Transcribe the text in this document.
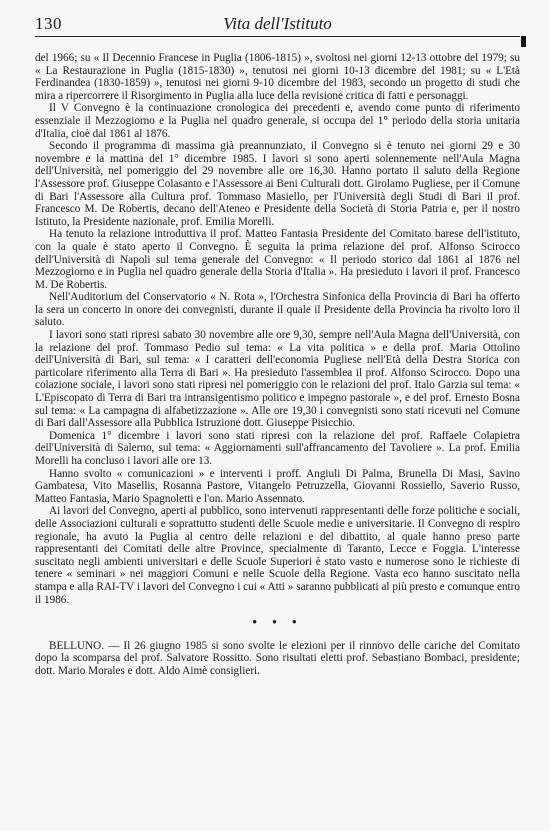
130	Vita dell'Istituto

del 1966; su « Il Decennio Francese in Puglia (1806-1815) », svoltosi nei giorni 12-13 ottobre del 1979; su « La Restaurazione in Puglia (1815-1830) », tenutosi nei giorni 10-13 dicembre del 1981; su « L'Età Ferdinandea (1830-1859) », tenutosi nei giorni 9-10 dicembre del 1983, secondo un progetto di studi che mira a ripercorrere il Risorgimento in Puglia alla luce della revisione critica di fatti e personaggi.

Il V Convegno è la continuazione cronologica dei precedenti e, avendo come punto di riferimento essenziale il Mezzogiorno e la Puglia nel quadro generale, si occupa del 1° periodo della storia unitaria d'Italia, cioè dal 1861 al 1876.

Secondo il programma di massima già preannunziato, il Convegno si è tenuto nei giorni 29 e 30 novembre e la mattina del 1° dicembre 1985. I lavori si sono aperti solennemente nell'Aula Magna dell'Università, nel pomeriggio del 29 novembre alle ore 16,30. Hanno portato il saluto della Regione l'Assessore prof. Giuseppe Colasanto e l'Assessore ai Beni Culturali dott. Girolamo Pugliese, per il Comune di Bari l'Assessore alla Cultura prof. Tommaso Masiello, per l'Università degli Studi di Bari il prof. Francesco M. De Robertis, decano dell'Ateneo e Presidente della Società di Storia Patria e, per il nostro Istituto, la Presidente nazionale, prof. Emilia Morelli.

Ha tenuto la relazione introduttiva il prof. Matteo Fantasia Presidente del Comitato barese dell'istituto, con la quale è stato aperto il Convegno. È seguita la prima relazione del prof. Alfonso Scirocco dell'Università di Napoli sul tema generale del Convegno: « Il periodo storico dal 1861 al 1876 nel Mezzogiorno e in Puglia nel quadro generale della Storia d'Italia ». Ha presieduto i lavori il prof. Francesco M. De Robertis.

Nell'Auditorium del Conservatorio « N. Rota », l'Orchestra Sinfonica della Provincia di Bari ha offerto la sera un concerto in onore dei convegnisti, durante il quale il Presidente della Provincia ha rivolto loro il saluto.

I lavori sono stati ripresi sabato 30 novembre alle ore 9,30, sempre nell'Aula Magna dell'Università, con la relazione del prof. Tommaso Pedio sul tema: « La vita politica » e della prof. Maria Ottolino dell'Università di Bari, sul tema: « I caratteri dell'economia Pugliese nell'Età della Destra Storica con particolare riferimento alla Terra di Bari ». Ha presieduto l'assemblea il prof. Alfonso Scirocco. Dopo una colazione sociale, i lavori sono stati ripresi nel pomeriggio con le relazioni del prof. Italo Garzia sul tema: « L'Episcopato di Terra di Bari tra intransigentismo politico e impegno pastorale », e del prof. Ernesto Bosna sul tema: « La campagna di alfabetizzazione ». Alle ore 19,30 i convegnisti sono stati ricevuti nel Comune di Bari dall'Assessore alla Pubblica Istruzione dott. Giuseppe Pisicchio.

Domenica 1° dicembre i lavori sono stati ripresi con la relazione del prof. Raffaele Colapietra dell'Università di Salerno, sul tema: « Aggiornamenti sull'affrancamento del Tavoliere ». La prof. Emilia Morelli ha concluso i lavori alle ore 13.

Hanno svolto « comunicazioni » e interventi i proff. Angiuli Di Palma, Brunella Di Masi, Savino Gambatesa, Vito Masellis, Rosanna Pastore, Vitangelo Petruzzella, Giovanni Rossiello, Saverio Russo, Matteo Fantasia, Mario Spagnoletti e l'on. Mario Assennato.

Ai lavori del Convegno, aperti al pubblico, sono intervenuti rappresentanti delle forze politiche e sociali, delle Associazioni culturali e soprattutto studenti delle Scuole medie e universitarie. Il Convegno di respiro regionale, ha avuto la Puglia al centro delle relazioni e del dibattito, al quale hanno preso parte rappresentanti dei Comitati delle altre Province, specialmente di Taranto, Lecce e Foggia. L'interesse suscitato negli ambienti universitari e delle Scuole Superiori è stato vasto e numerose sono le richieste di tenere « seminari » nei maggiori Comuni e nelle Scuole della Regione. Vasta eco hanno suscitato nella stampa e alla RAI-TV i lavori del Convegno i cui « Atti » saranno pubblicati al più presto e comunque entro il 1986.

• • •

BELLUNO. — Il 26 giugno 1985 si sono svolte le elezioni per il rinnovo delle cariche del Comitato dopo la scomparsa del prof. Salvatore Rossitto. Sono risultati eletti prof. Sebastiano Bombaci, presidente; dott. Mario Morales e dott. Aldo Aimè consiglieri.
